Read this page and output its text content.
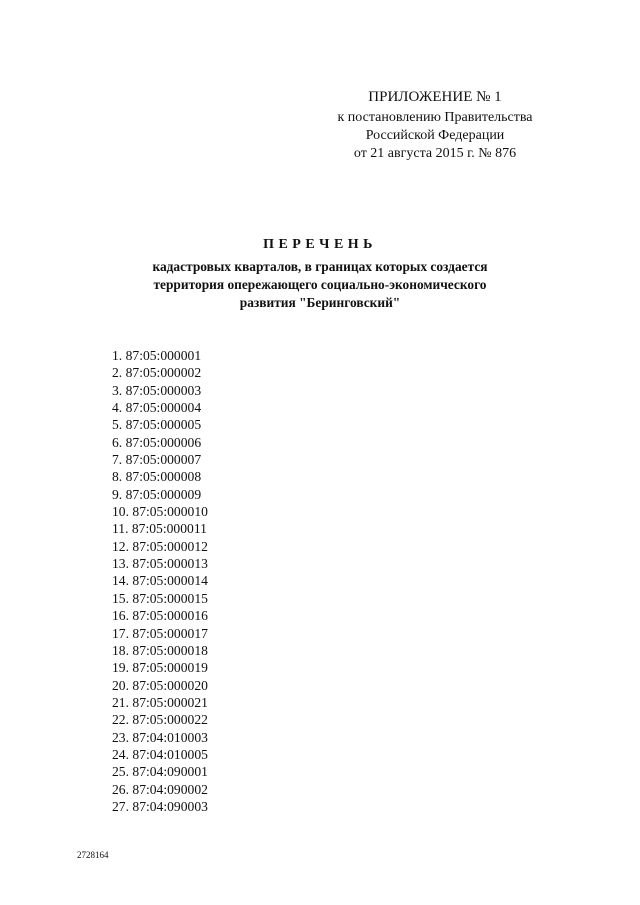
ПРИЛОЖЕНИЕ № 1
к постановлению Правительства
Российской Федерации
от 21 августа 2015 г. № 876
ПЕРЕЧЕНЬ
кадастровых кварталов, в границах которых создается
территория опережающего социально-экономического
развития "Беринговский"
1. 87:05:000001
2. 87:05:000002
3. 87:05:000003
4. 87:05:000004
5. 87:05:000005
6. 87:05:000006
7. 87:05:000007
8. 87:05:000008
9. 87:05:000009
10. 87:05:000010
11. 87:05:000011
12. 87:05:000012
13. 87:05:000013
14. 87:05:000014
15. 87:05:000015
16. 87:05:000016
17. 87:05:000017
18. 87:05:000018
19. 87:05:000019
20. 87:05:000020
21. 87:05:000021
22. 87:05:000022
23. 87:04:010003
24. 87:04:010005
25. 87:04:090001
26. 87:04:090002
27. 87:04:090003
2728164
